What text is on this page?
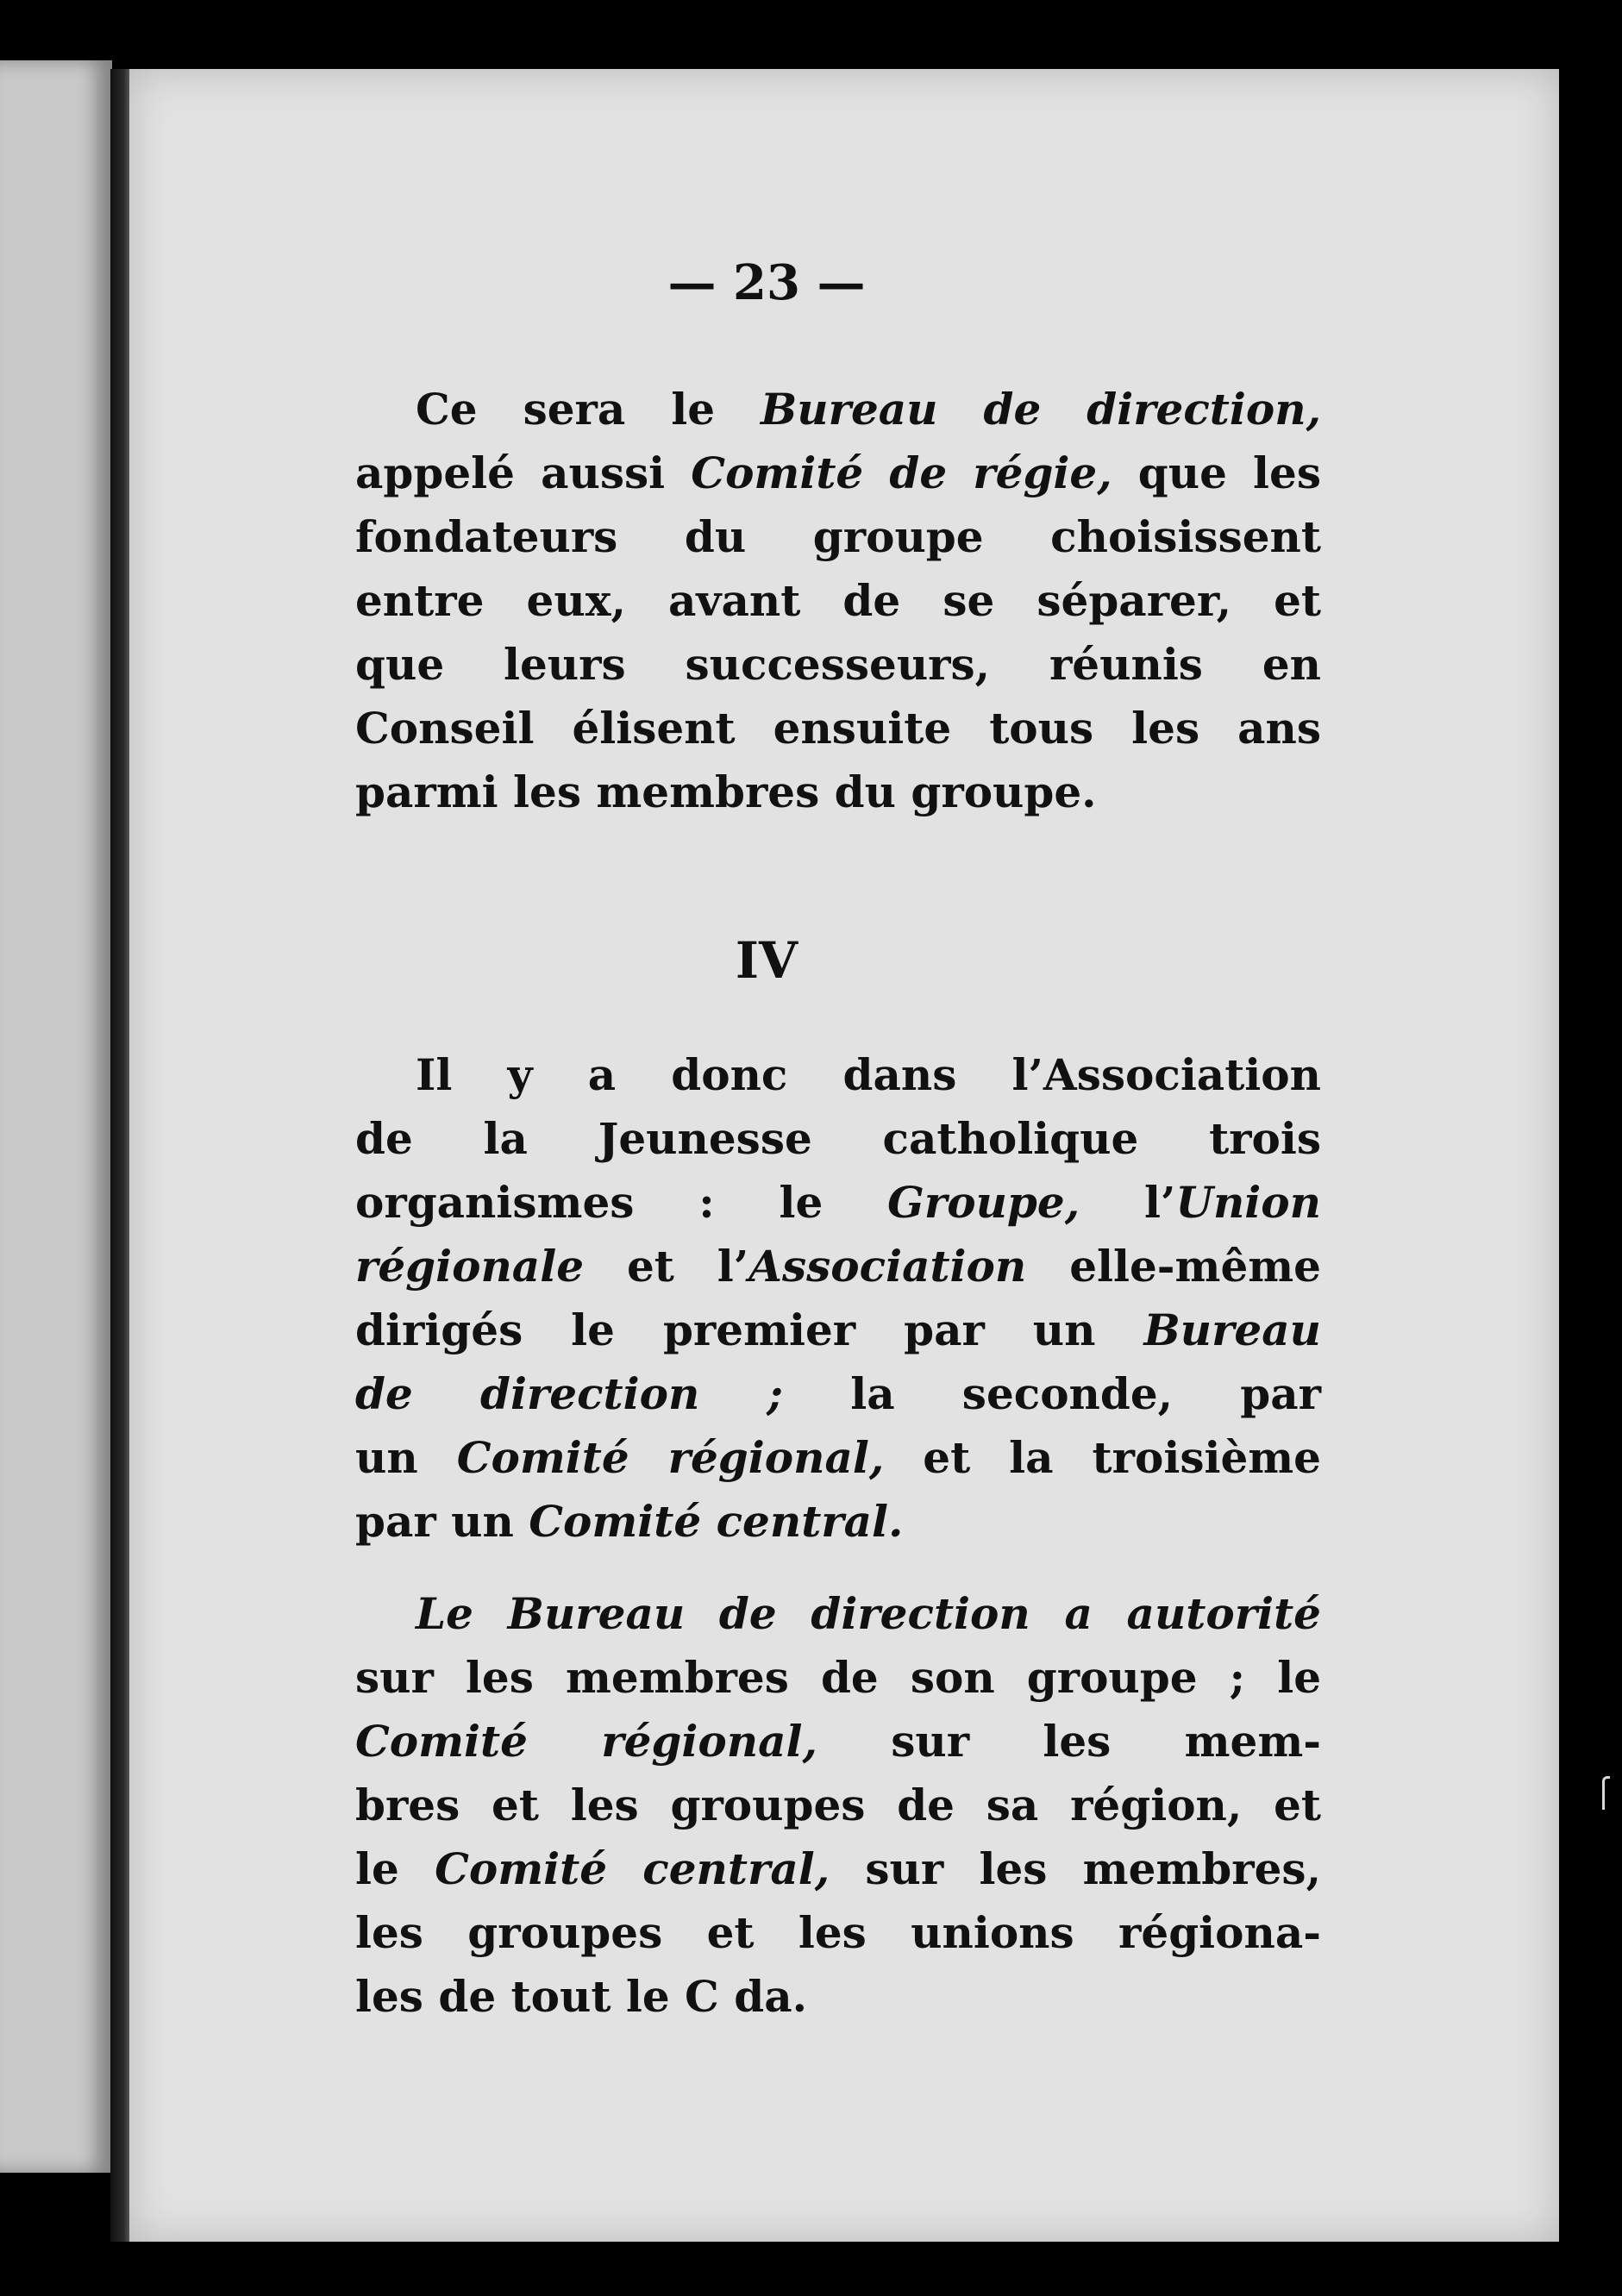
— 23 —
Ce sera le Bureau de direction,
appelé aussi Comité de régie, que les
fondateurs du groupe choisissent
entre eux, avant de se séparer, et
que leurs successeurs, réunis en
Conseil élisent ensuite tous les ans
parmi les membres du groupe.
IV
Il y a donc dans l’Association
de la Jeunesse catholique trois
organismes : le Groupe, l’Union
régionale et l’Association elle-même
dirigés le premier par un Bureau
de direction ; la seconde, par
un Comité régional, et la troisième
par un Comité central.
Le Bureau de direction a autorité
sur les membres de son groupe ; le
Comité régional, sur les mem-
bres et les groupes de sa région, et
le Comité central, sur les membres,
les groupes et les unions régiona-
les de tout le C da.
